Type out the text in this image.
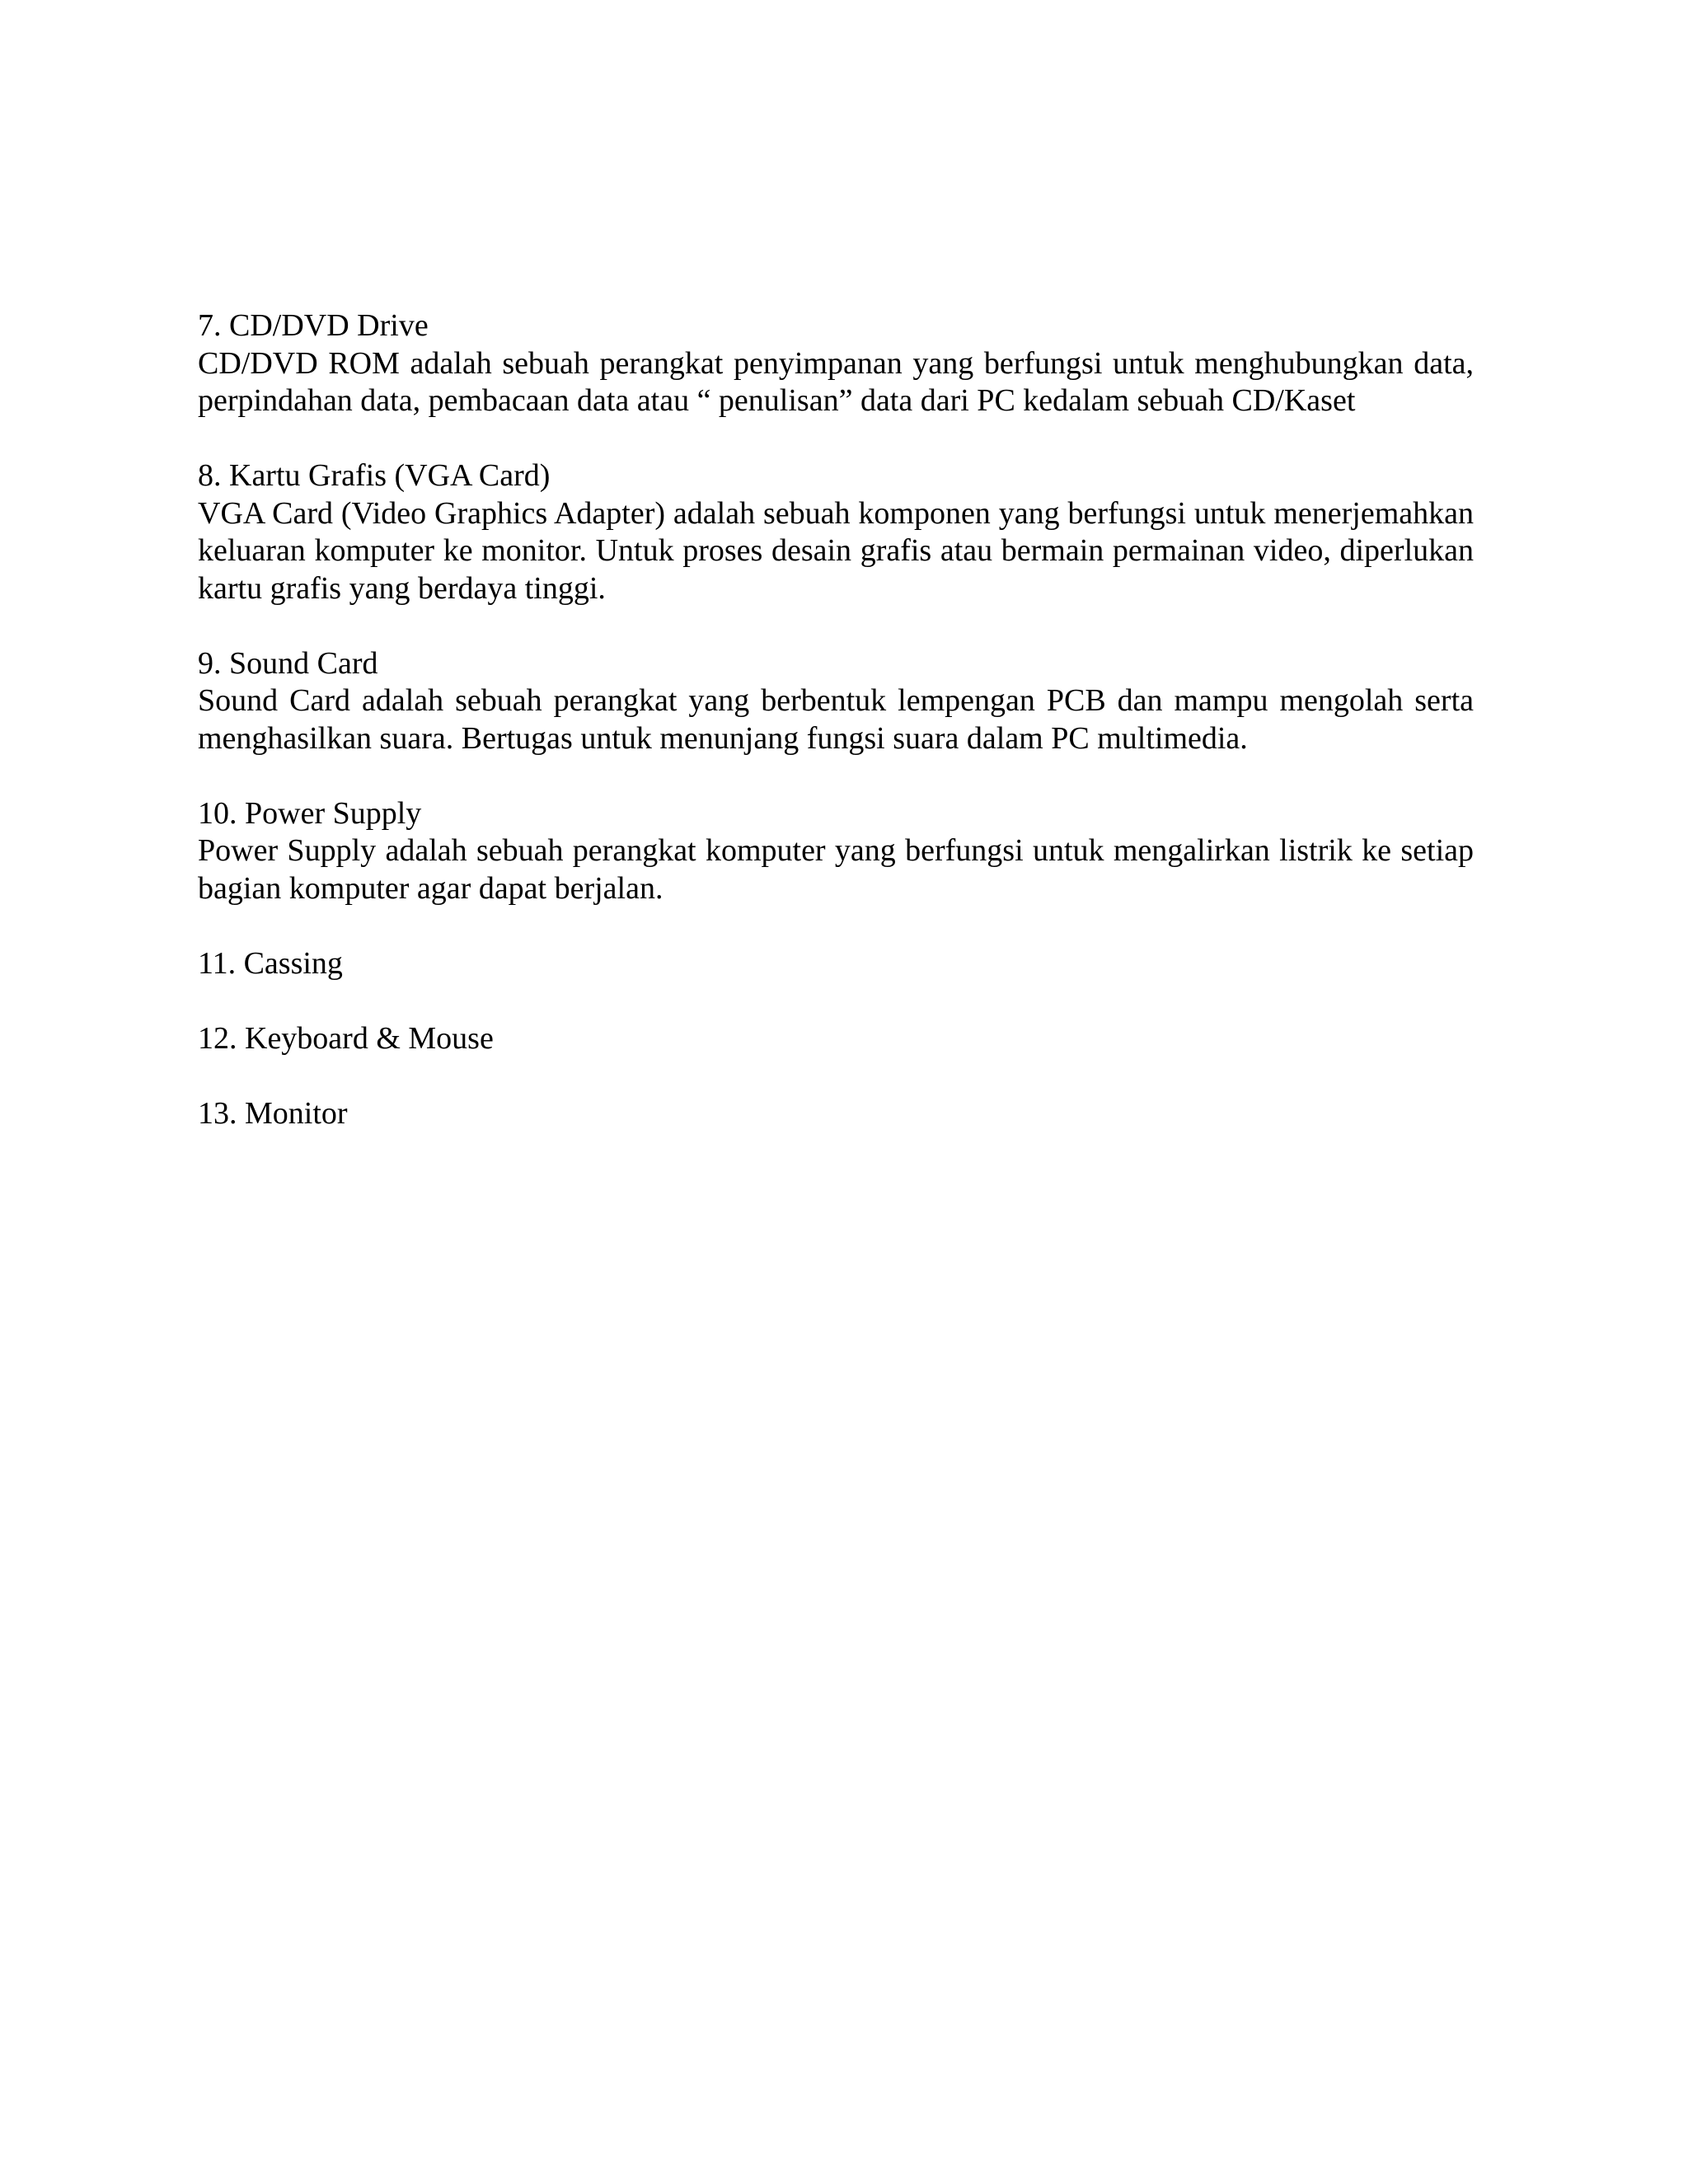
7. CD/DVD Drive

CD/DVD ROM adalah sebuah perangkat penyimpanan yang berfungsi untuk menghubungkan data, perpindahan data, pembacaan data atau “ penulisan” data dari PC kedalam sebuah CD/Kaset

8. Kartu Grafis (VGA Card)

VGA Card (Video Graphics Adapter) adalah sebuah komponen yang berfungsi untuk menerjemahkan keluaran komputer ke monitor. Untuk proses desain grafis atau bermain permainan video, diperlukan kartu grafis yang berdaya tinggi.

9. Sound Card

Sound Card adalah sebuah perangkat yang berbentuk lempengan PCB dan mampu mengolah serta menghasilkan suara. Bertugas untuk menunjang fungsi suara dalam PC multimedia.

10. Power Supply

Power Supply adalah sebuah perangkat komputer yang berfungsi untuk mengalirkan listrik ke setiap bagian komputer agar dapat berjalan.

11. Cassing

12. Keyboard & Mouse

13. Monitor
